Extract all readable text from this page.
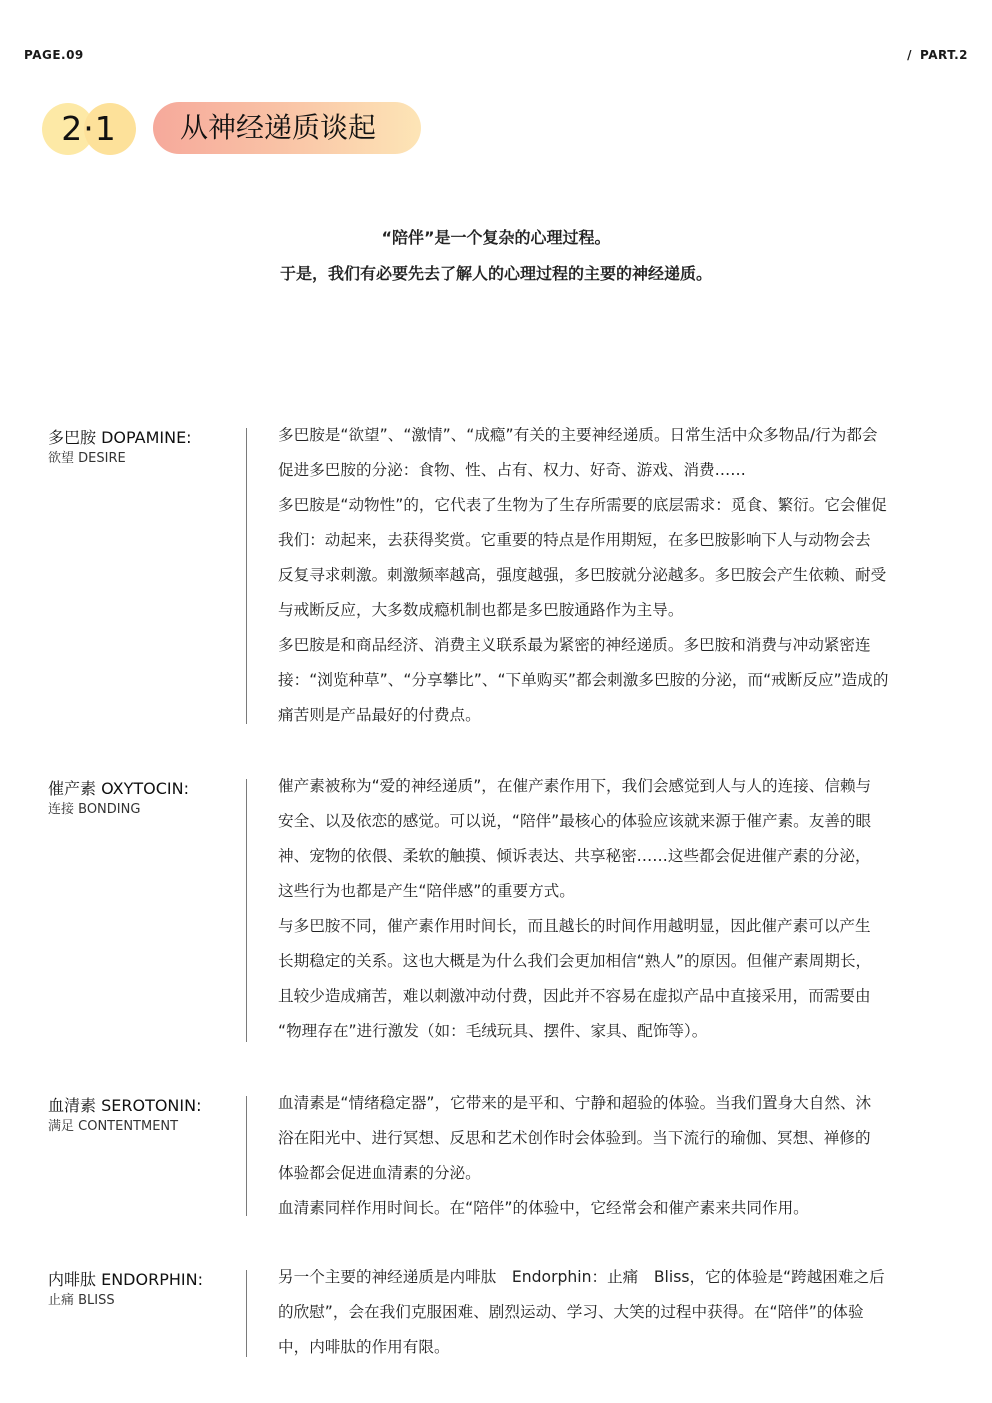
PAGE.09	/ PART.2
2·1	从神经递质谈起
“陪伴”是一个复杂的心理过程。
于是，我们有必要先去了解人的心理过程的主要的神经递质。
多巴胺 DOPAMINE:
欲望 DESIRE

多巴胺是“欲望”、“激情”、“成瘾”有关的主要神经递质。日常生活中众多物品/行为都会
促进多巴胺的分泌：食物、性、占有、权力、好奇、游戏、消费……

多巴胺是“动物性”的，它代表了生物为了生存所需要的底层需求：觅食、繁衍。它会催促
我们：动起来，去获得奖赏。它重要的特点是作用期短，在多巴胺影响下人与动物会去
反复寻求刺激。刺激频率越高，强度越强，多巴胺就分泌越多。多巴胺会产生依赖、耐受
与戒断反应，大多数成瘾机制也都是多巴胺通路作为主导。

多巴胺是和商品经济、消费主义联系最为紧密的神经递质。多巴胺和消费与冲动紧密连
接：“浏览种草”、“分享攀比”、“下单购买”都会刺激多巴胺的分泌，而“戒断反应”造成的
痛苦则是产品最好的付费点。

催产素 OXYTOCIN:
连接 BONDING

催产素被称为“爱的神经递质”，在催产素作用下，我们会感觉到人与人的连接、信赖与
安全、以及依恋的感觉。可以说，“陪伴”最核心的体验应该就来源于催产素。友善的眼
神、宠物的依偎、柔软的触摸、倾诉表达、共享秘密……这些都会促进催产素的分泌，
这些行为也都是产生“陪伴感”的重要方式。

与多巴胺不同，催产素作用时间长，而且越长的时间作用越明显，因此催产素可以产生
长期稳定的关系。这也大概是为什么我们会更加相信“熟人”的原因。但催产素周期长，
且较少造成痛苦，难以刺激冲动付费，因此并不容易在虚拟产品中直接采用，而需要由
“物理存在”进行激发（如：毛绒玩具、摆件、家具、配饰等）。

血清素 SEROTONIN:
满足 CONTENTMENT

血清素是“情绪稳定器”，它带来的是平和、宁静和超验的体验。当我们置身大自然、沐
浴在阳光中、进行冥想、反思和艺术创作时会体验到。当下流行的瑜伽、冥想、禅修的
体验都会促进血清素的分泌。

血清素同样作用时间长。在“陪伴”的体验中，它经常会和催产素来共同作用。

内啡肽 ENDORPHIN:
止痛 BLISS

另一个主要的神经递质是内啡肽　Endorphin：止痛　Bliss，它的体验是“跨越困难之后
的欣慰”，会在我们克服困难、剧烈运动、学习、大笑的过程中获得。在“陪伴”的体验
中，内啡肽的作用有限。
